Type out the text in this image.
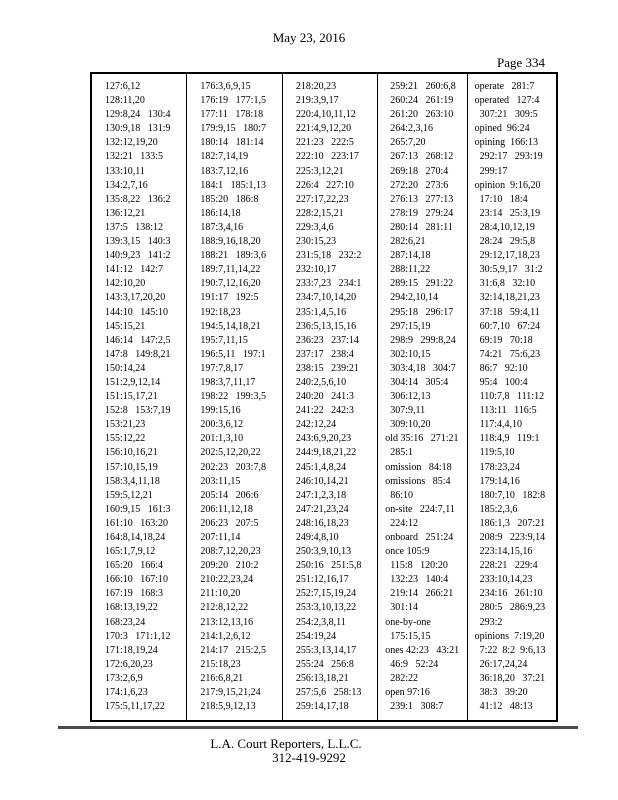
May 23, 2016
Page 334
127:6,12
128:11,20
129:8,24   130:4
130:9,18   131:9
132:12,19,20
132:21   133:5
133:10,11
134:2,7,16
135:8,22   136:2
136:12,21
137:5   138:12
139:3,15   140:3
140:9,23   141:2
141:12   142:7
142:10,20
143:3,17,20,20
144:10   145:10
145:15,21
146:14   147:2,5
147:8   149:8,21
150:14,24
151:2,9,12,14
151:15,17,21
152:8   153:7,19
153:21,23
155:12,22
156:10,16,21
157:10,15,19
158:3,4,11,18
159:5,12,21
160:9,15   161:3
161:10   163:20
164:8,14,18,24
165:1,7,9,12
165:20   166:4
166:10   167:10
167:19   168:3
168:13,19,22
168:23,24
170:3   171:1,12
171:18,19,24
172:6,20,23
173:2,6,9
174:1,6,23
175:5,11,17,22
176:3,6,9,15
176:19   177:1,5
177:11   178:18
179:9,15   180:7
180:14   181:14
182:7,14,19
183:7,12,16
184:1   185:1,13
185:20   186:8
186:14,18
187:3,4,16
188:9,16,18,20
188:21   189:3,6
189:7,11,14,22
190:7,12,16,20
191:17   192:5
192:18,23
194:5,14,18,21
195:7,11,15
196:5,11   197:1
197:7,8,17
198:3,7,11,17
198:22   199:3,5
199:15,16
200:3,6,12
201:1,3,10
202:5,12,20,22
202:23   203:7,8
203:11,15
205:14   206:6
206:11,12,18
206:23   207:5
207:11,14
208:7,12,20,23
209:20   210:2
210:22,23,24
211:10,20
212:8,12,22
213:12,13,16
214:1,2,6,12
214:17   215:2,5
215:18,23
216:6,8,21
217:9,15,21,24
218:5,9,12,13
218:20,23
219:3,9,17
220:4,10,11,12
221:4,9,12,20
221:23   222:5
222:10   223:17
225:3,12,21
226:4   227:10
227:17,22,23
228:2,15,21
229:3,4,6
230:15,23
231:5,18   232:2
232:10,17
233:7,23   234:1
234:7,10,14,20
235:1,4,5,16
236:5,13,15,16
236:23   237:14
237:17   238:4
238:15   239:21
240:2,5,6,10
240:20   241:3
241:22   242:3
242:12,24
243:6,9,20,23
244:9,18,21,22
245:1,4,8,24
246:10,14,21
247:1,2,3,18
247:21,23,24
248:16,18,23
249:4,8,10
250:3,9,10,13
250:16   251:5,8
251:12,16,17
252:7,15,19,24
253:3,10,13,22
254:2,3,8,11
254:19,24
255:3,13,14,17
255:24   256:8
256:13,18,21
257:5,6   258:13
259:14,17,18
259:21   260:6,8
260:24   261:19
261:20   263:10
264:2,3,16
265:7,20
267:13   268:12
269:18   270:4
272:20   273:6
276:13   277:13
278:19   279:24
280:14   281:11
282:6,21
287:14,18
288:11,22
289:15   291:22
294:2,10,14
295:18   296:17
297:15,19
298:9   299:8,24
302:10,15
303:4,18   304:7
304:14   305:4
306:12,13
307:9,11
309:10,20
old 35:16   271:21
285:1
omission   84:18
omissions   85:4
86:10
on-site   224:7,11
224:12
onboard   251:24
once 105:9
115:8   120:20
132:23   140:4
219:14   266:21
301:14
one-by-one
175:15,15
ones 42:23   43:21
46:9   52:24
282:22
open 97:16
239:1   308:7
operate   281:7
operated   127:4
307:21   309:5
opined  96:24
opining  166:13
292:17   293:19
299:17
opinion  9:16,20
17:10   18:4
23:14   25:3,19
28:4,10,12,19
28:24   29:5,8
29:12,17,18,23
30:5,9,17   31:2
31:6,8   32:10
32:14,18,21,23
37:18   59:4,11
60:7,10   67:24
69:19   70:18
74:21   75:6,23
86:7   92:10
95:4   100:4
110:7,8   111:12
113:11   116:5
117:4,4,10
118:4,9   119:1
119:5,10
178:23,24
179:14,16
180:7,10   182:8
185:2,3,6
186:1,3   207:21
208:9   223:9,14
223:14,15,16
228:21   229:4
233:10,14,23
234:16   261:10
280:5   286:9,23
293:2
opinions  7:19,20
7:22  8:2  9:6,13
26:17,24,24
36:18,20   37:21
38:3   39:20
41:12   48:13
L.A. Court Reporters, L.L.C.
312-419-9292
